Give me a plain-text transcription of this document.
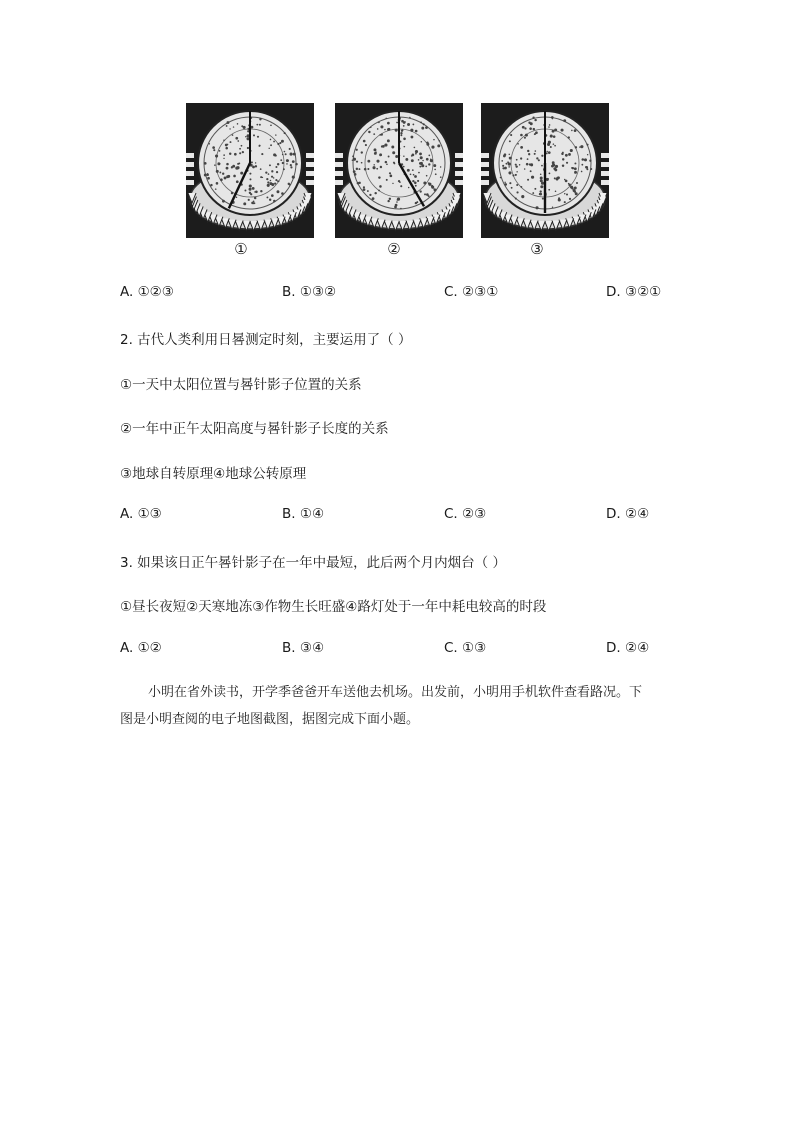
①	②	③
A. ①②③	B. ①③②	C. ②③①	D. ③②①
2. 古代人类利用日晷测定时刻，主要运用了（ ）
①一天中太阳位置与晷针影子位置的关系
②一年中正午太阳高度与晷针影子长度的关系
③地球自转原理④地球公转原理
A. ①③	B. ①④	C. ②③	D. ②④
3. 如果该日正午晷针影子在一年中最短，此后两个月内烟台（ ）
①昼长夜短②天寒地冻③作物生长旺盛④路灯处于一年中耗电较高的时段
A. ①②	B. ③④	C. ①③	D. ②④
小明在省外读书，开学季爸爸开车送他去机场。出发前，小明用手机软件查看路况。下
图是小明查阅的电子地图截图，据图完成下面小题。
